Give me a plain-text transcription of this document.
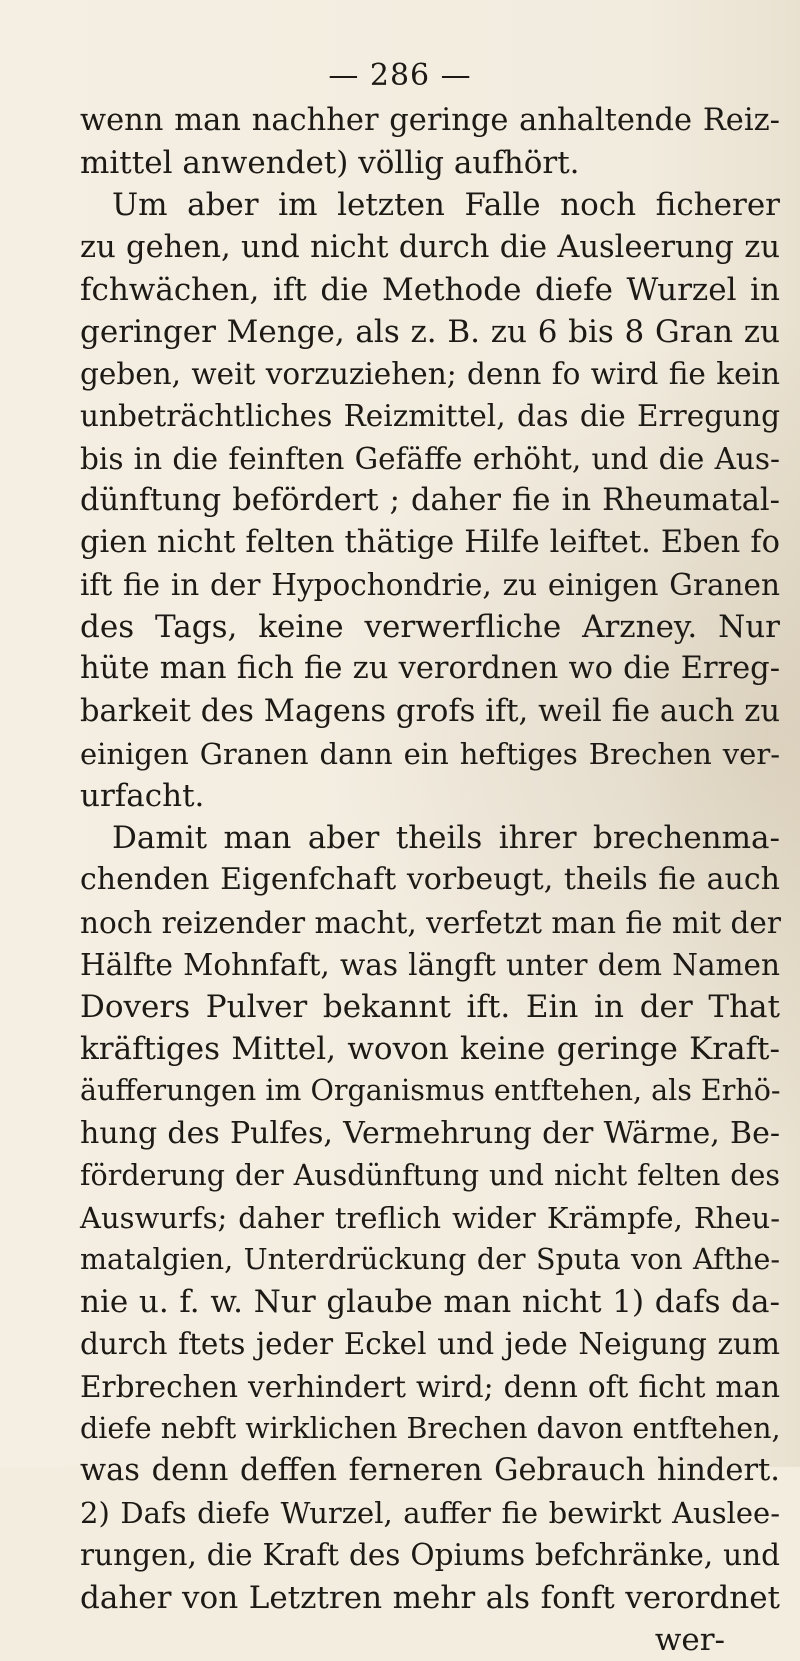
— 286 —
wenn man nachher geringe anhaltende Reiz-
mittel anwendet) völlig aufhört.
Um aber im letzten Falle noch ficherer
zu gehen, und nicht durch die Ausleerung zu
fchwächen, ift die Methode diefe Wurzel in
geringer Menge, als z. B. zu 6 bis 8 Gran zu
geben, weit vorzuziehen; denn fo wird fie kein
unbeträchtliches Reizmittel, das die Erregung
bis in die feinften Gefäffe erhöht, und die Aus-
dünftung befördert ; daher fie in Rheumatal-
gien nicht felten thätige Hilfe leiftet. Eben fo
ift fie in der Hypochondrie, zu einigen Granen
des Tags, keine verwerfliche Arzney. Nur
hüte man fich fie zu verordnen wo die Erreg-
barkeit des Magens grofs ift, weil fie auch zu
einigen Granen dann ein heftiges Brechen ver-
urfacht.
Damit man aber theils ihrer brechenma-
chenden Eigenfchaft vorbeugt, theils fie auch
noch reizender macht, verfetzt man fie mit der
Hälfte Mohnfaft, was längft unter dem Namen
Dovers Pulver bekannt ift. Ein in der That
kräftiges Mittel, wovon keine geringe Kraft-
äufferungen im Organismus entftehen, als Erhö-
hung des Pulfes, Vermehrung der Wärme, Be-
förderung der Ausdünftung und nicht felten des
Auswurfs; daher treflich wider Krämpfe, Rheu-
matalgien, Unterdrückung der Sputa von Afthe-
nie u. f. w. Nur glaube man nicht 1) dafs da-
durch ftets jeder Eckel und jede Neigung zum
Erbrechen verhindert wird; denn oft ficht man
diefe nebft wirklichen Brechen davon entftehen,
was denn deffen ferneren Gebrauch hindert.
2) Dafs diefe Wurzel, auffer fie bewirkt Auslee-
rungen, die Kraft des Opiums befchränke, und
daher von Letztren mehr als fonft verordnet
wer-
